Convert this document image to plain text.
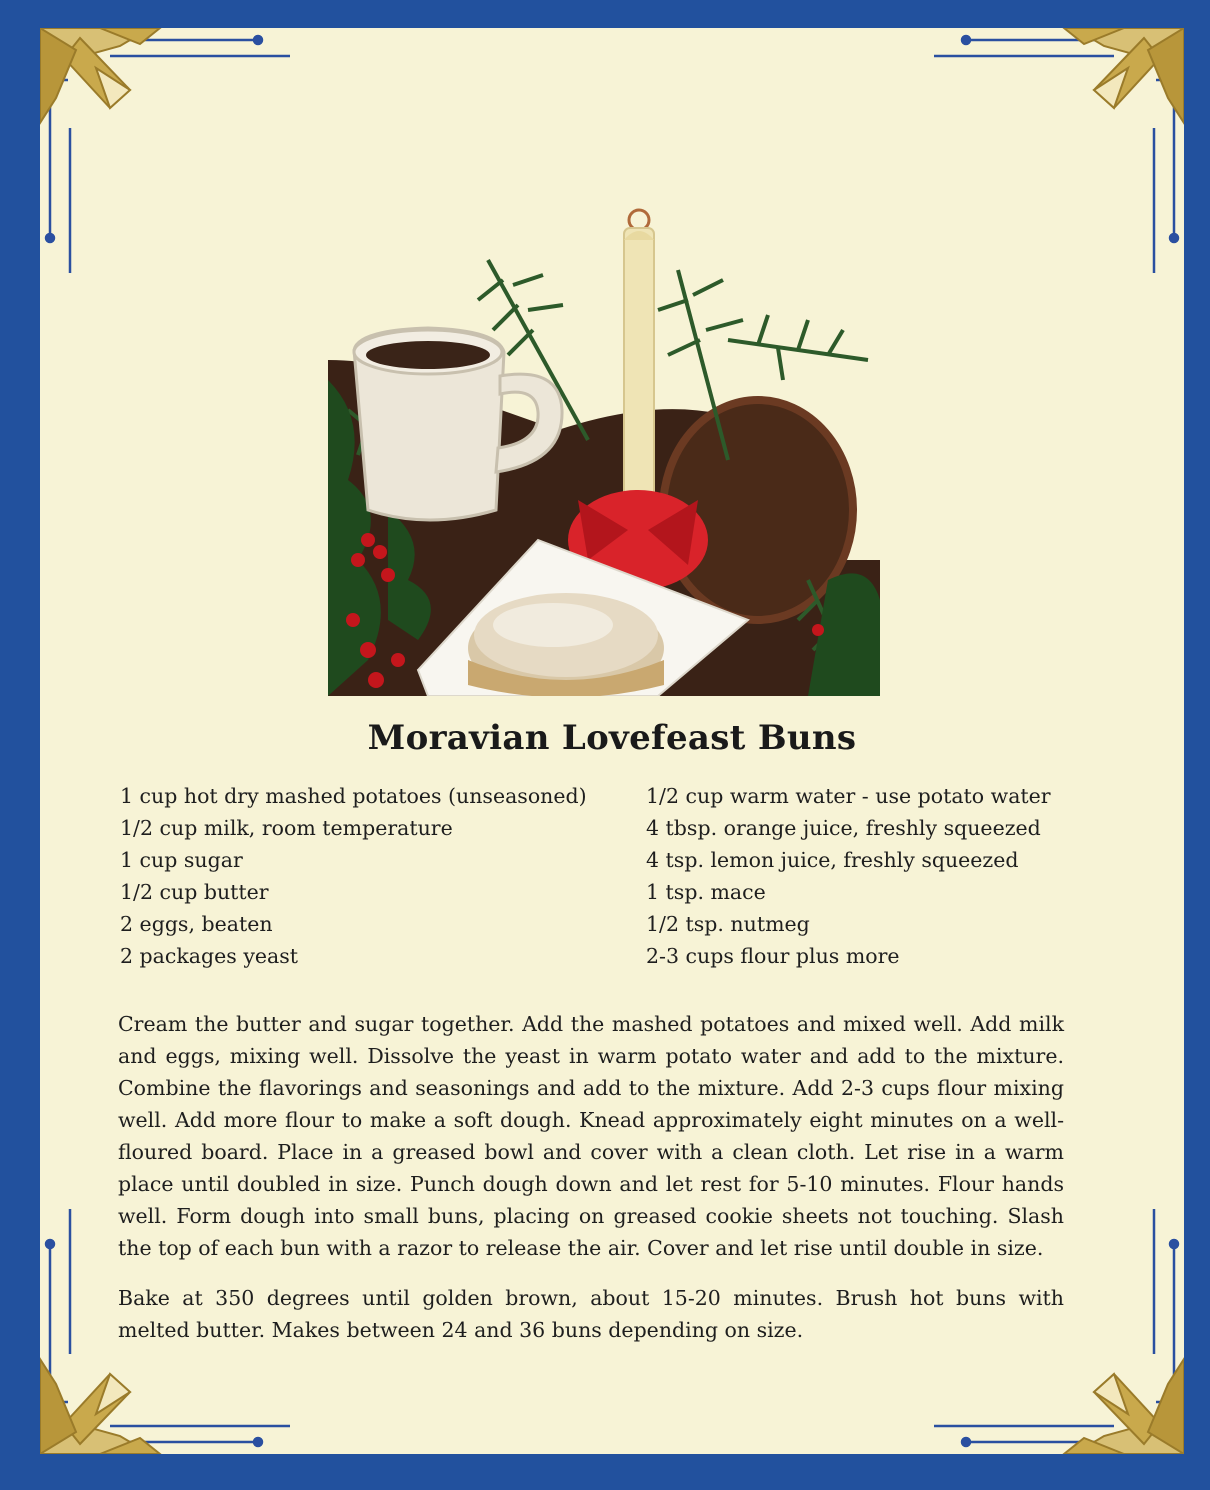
Moravian Lovefeast Buns
1 cup hot dry mashed potatoes (unseasoned)
1/2 cup milk, room temperature
1 cup sugar
1/2 cup butter
2 eggs, beaten
2 packages yeast
1/2 cup warm water - use potato water
4 tbsp. orange juice, freshly squeezed
4 tsp. lemon juice, freshly squeezed
1 tsp. mace
1/2 tsp. nutmeg
2-3 cups flour plus more

Cream the butter and sugar together. Add the mashed potatoes and mixed well. Add milk and eggs, mixing well. Dissolve the yeast in warm potato water and add to the mixture. Combine the flavorings and seasonings and add to the mixture. Add 2-3 cups flour mixing well. Add more flour to make a soft dough. Knead approximately eight minutes on a well-floured board. Place in a greased bowl and cover with a clean cloth. Let rise in a warm place until doubled in size. Punch dough down and let rest for 5-10 minutes. Flour hands well. Form dough into small buns, placing on greased cookie sheets not touching. Slash the top of each bun with a razor to release the air. Cover and let rise until double in size.

Bake at 350 degrees until golden brown, about 15-20 minutes. Brush hot buns with melted butter. Makes between 24 and 36 buns depending on size.
